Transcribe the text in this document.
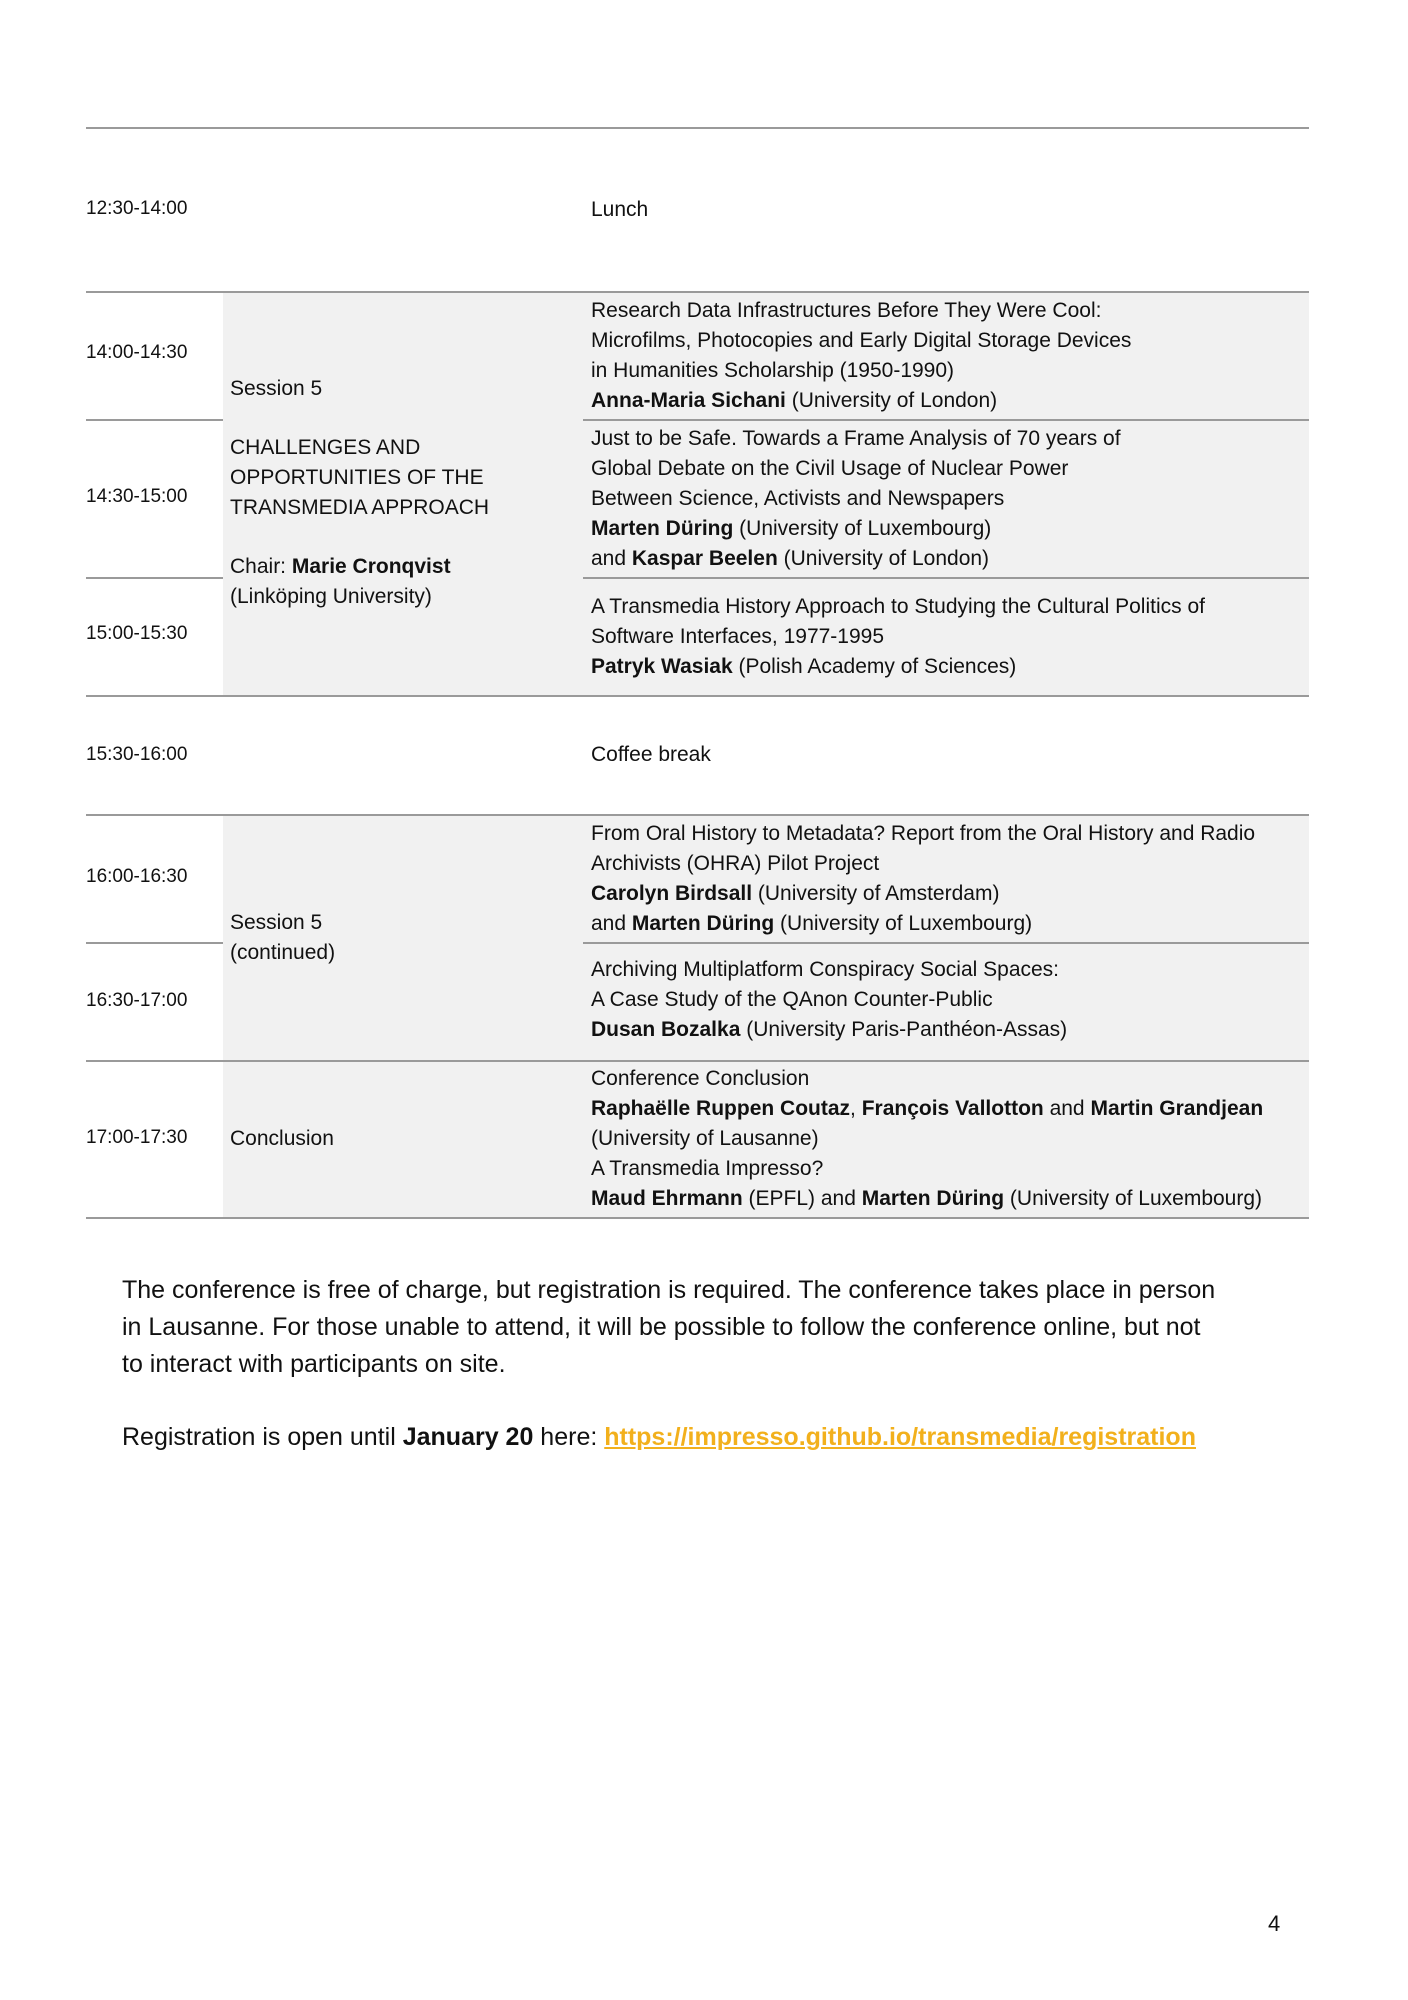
12:30-14:00	Lunch
14:00-14:30
14:30-15:00
15:00-15:30
Session 5
CHALLENGES AND
OPPORTUNITIES OF THE
TRANSMEDIA APPROACH
Chair: Marie Cronqvist
(Linköping University)
Research Data Infrastructures Before They Were Cool:
Microfilms, Photocopies and Early Digital Storage Devices
in Humanities Scholarship (1950-1990)
Anna-Maria Sichani (University of London)
Just to be Safe. Towards a Frame Analysis of 70 years of
Global Debate on the Civil Usage of Nuclear Power
Between Science, Activists and Newspapers
Marten Düring (University of Luxembourg)
and Kaspar Beelen (University of London)
A Transmedia History Approach to Studying the Cultural Politics of
Software Interfaces, 1977-1995
Patryk Wasiak (Polish Academy of Sciences)
15:30-16:00	Coffee break
16:00-16:30
16:30-17:00
Session 5
(continued)
From Oral History to Metadata? Report from the Oral History and Radio
Archivists (OHRA) Pilot Project
Carolyn Birdsall (University of Amsterdam)
and Marten Düring (University of Luxembourg)
Archiving Multiplatform Conspiracy Social Spaces:
A Case Study of the QAnon Counter-Public
Dusan Bozalka (University Paris-Panthéon-Assas)
17:00-17:30 Conclusion
Conference Conclusion
Raphaëlle Ruppen Coutaz, François Vallotton and Martin Grandjean
(University of Lausanne)
A Transmedia Impresso?
Maud Ehrmann (EPFL) and Marten Düring (University of Luxembourg)
The conference is free of charge, but registration is required. The conference takes place in person
in Lausanne. For those unable to attend, it will be possible to follow the conference online, but not
to interact with participants on site.
Registration is open until January 20 here: https://impresso.github.io/transmedia/registration
4
